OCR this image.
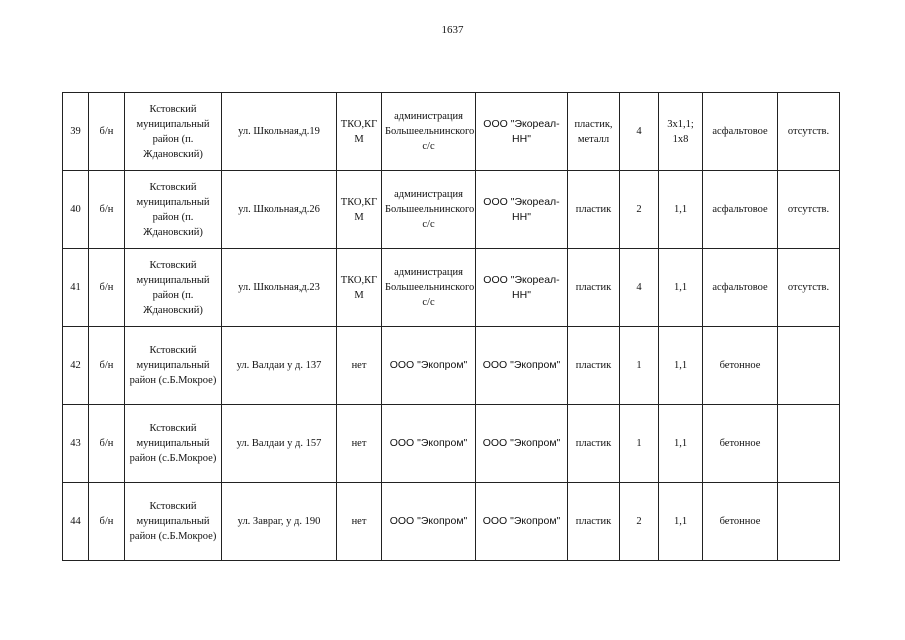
1637
39	б/н	Кстовский муниципальный район (п. Ждановский)	ул. Школьная,д.19	ТКО,КГМ	администрация Большеельнинского с/с	ООО "Экореал-НН"	пластик, металл	4	3х1,1; 1х8	асфальтовое	отсутств.
40	б/н	Кстовский муниципальный район (п. Ждановский)	ул. Школьная,д.26	ТКО,КГМ	администрация Большеельнинского с/с	ООО "Экореал-НН"	пластик	2	1,1	асфальтовое	отсутств.
41	б/н	Кстовский муниципальный район (п. Ждановский)	ул. Школьная,д.23	ТКО,КГМ	администрация Большеельнинского с/с	ООО "Экореал-НН"	пластик	4	1,1	асфальтовое	отсутств.
42	б/н	Кстовский муниципальный район (с.Б.Мокрое)	ул. Валдаи у д. 137	нет	ООО "Экопром"	ООО "Экопром"	пластик	1	1,1	бетонное	
43	б/н	Кстовский муниципальный район (с.Б.Мокрое)	ул. Валдаи у д. 157	нет	ООО "Экопром"	ООО "Экопром"	пластик	1	1,1	бетонное	
44	б/н	Кстовский муниципальный район (с.Б.Мокрое)	ул. Завраг, у д. 190	нет	ООО "Экопром"	ООО "Экопром"	пластик	2	1,1	бетонное	
